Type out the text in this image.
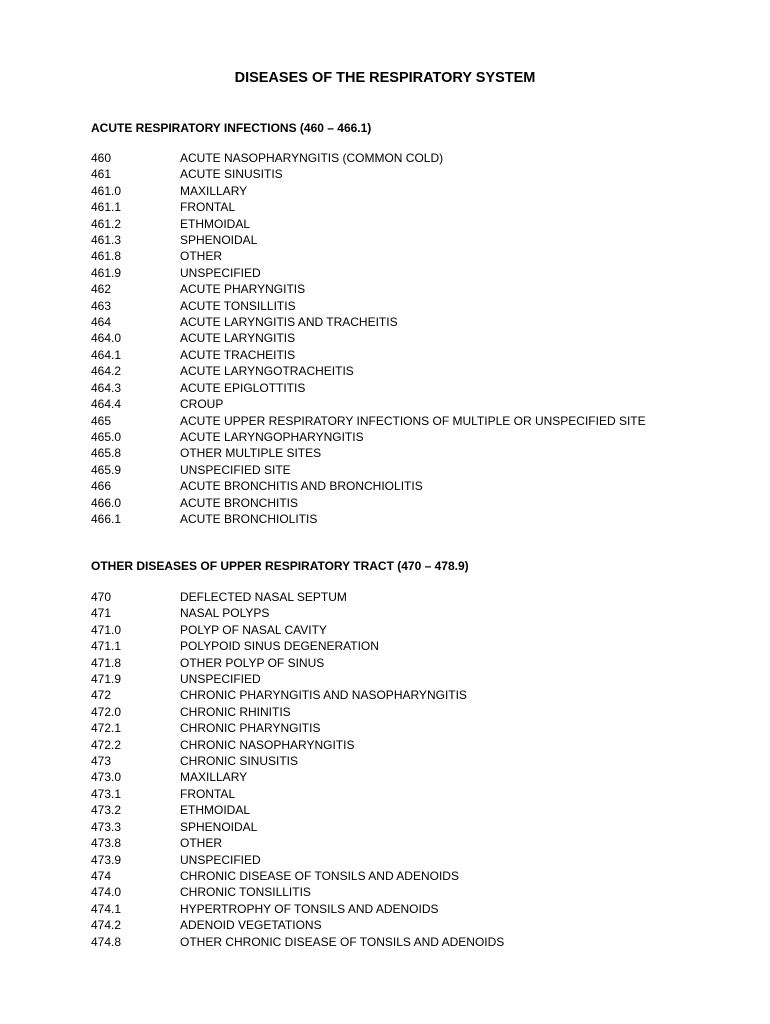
DISEASES OF THE RESPIRATORY SYSTEM
ACUTE RESPIRATORY INFECTIONS (460 – 466.1)
460	ACUTE NASOPHARYNGITIS (COMMON COLD)
461	ACUTE SINUSITIS
461.0	MAXILLARY
461.1	FRONTAL
461.2	ETHMOIDAL
461.3	SPHENOIDAL
461.8	OTHER
461.9	UNSPECIFIED
462	ACUTE PHARYNGITIS
463	ACUTE TONSILLITIS
464	ACUTE LARYNGITIS AND TRACHEITIS
464.0	ACUTE LARYNGITIS
464.1	ACUTE TRACHEITIS
464.2	ACUTE LARYNGOTRACHEITIS
464.3	ACUTE EPIGLOTTITIS
464.4	CROUP
465	ACUTE UPPER RESPIRATORY INFECTIONS OF MULTIPLE OR UNSPECIFIED SITE
465.0	ACUTE LARYNGOPHARYNGITIS
465.8	OTHER MULTIPLE SITES
465.9	UNSPECIFIED SITE
466	ACUTE BRONCHITIS AND BRONCHIOLITIS
466.0	ACUTE BRONCHITIS
466.1	ACUTE BRONCHIOLITIS
OTHER DISEASES OF UPPER RESPIRATORY TRACT (470 – 478.9)
470	DEFLECTED NASAL SEPTUM
471	NASAL POLYPS
471.0	POLYP OF NASAL CAVITY
471.1	POLYPOID SINUS DEGENERATION
471.8	OTHER POLYP OF SINUS
471.9	UNSPECIFIED
472	CHRONIC PHARYNGITIS AND NASOPHARYNGITIS
472.0	CHRONIC RHINITIS
472.1	CHRONIC PHARYNGITIS
472.2	CHRONIC NASOPHARYNGITIS
473	CHRONIC SINUSITIS
473.0	MAXILLARY
473.1	FRONTAL
473.2	ETHMOIDAL
473.3	SPHENOIDAL
473.8	OTHER
473.9	UNSPECIFIED
474	CHRONIC DISEASE OF TONSILS AND ADENOIDS
474.0	CHRONIC TONSILLITIS
474.1	HYPERTROPHY OF TONSILS AND ADENOIDS
474.2	ADENOID VEGETATIONS
474.8	OTHER CHRONIC DISEASE OF TONSILS AND ADENOIDS
